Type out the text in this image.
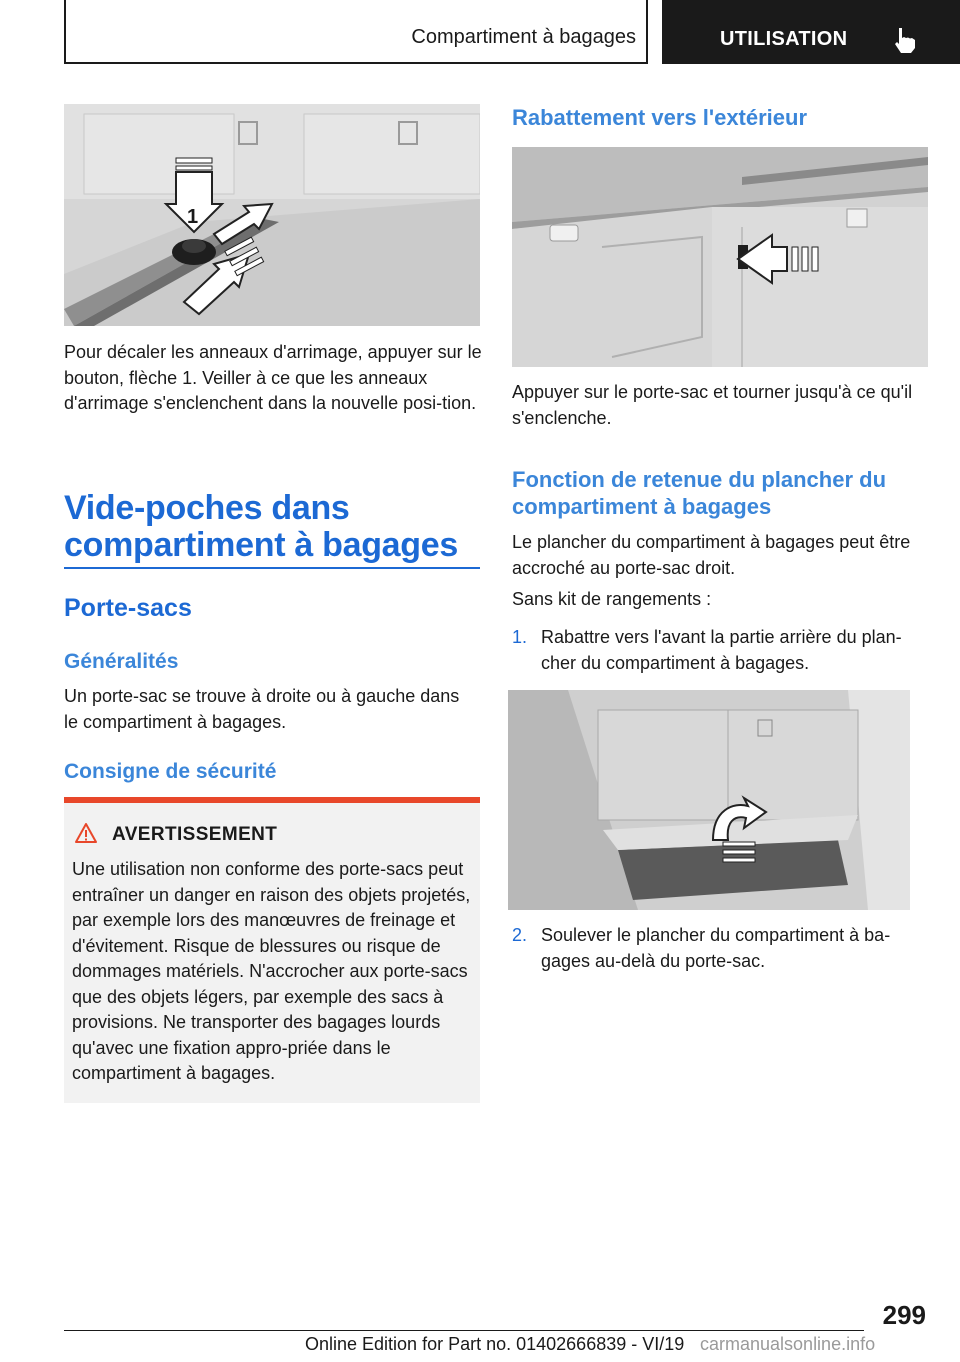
Compartiment à bagages	UTILISATION
1
Pour décaler les anneaux d'arrimage, appuyer sur le bouton, flèche 1. Veiller à ce que les anneaux d'arrimage s'enclenchent dans la nouvelle posi-tion.
Vide-poches dans compartiment à bagages
Porte-sacs
Généralités
Un porte-sac se trouve à droite ou à gauche dans le compartiment à bagages.
Consigne de sécurité
AVERTISSEMENT
Une utilisation non conforme des porte-sacs peut entraîner un danger en raison des objets projetés, par exemple lors des manœuvres de freinage et d'évitement. Risque de blessures ou risque de dommages matériels. N'accrocher aux porte-sacs que des objets légers, par exemple des sacs à provisions. Ne transporter des bagages lourds qu'avec une fixation appro-priée dans le compartiment à bagages.
Rabattement vers l'extérieur
Appuyer sur le porte-sac et tourner jusqu'à ce qu'il s'enclenche.
Fonction de retenue du plancher du compartiment à bagages
Le plancher du compartiment à bagages peut être accroché au porte-sac droit.
Sans kit de rangements :
1. Rabattre vers l'avant la partie arrière du plan-cher du compartiment à bagages.
2. Soulever le plancher du compartiment à ba-gages au-delà du porte-sac.
299
Online Edition for Part no. 01402666839 - VI/19 carmanualsonline.info
